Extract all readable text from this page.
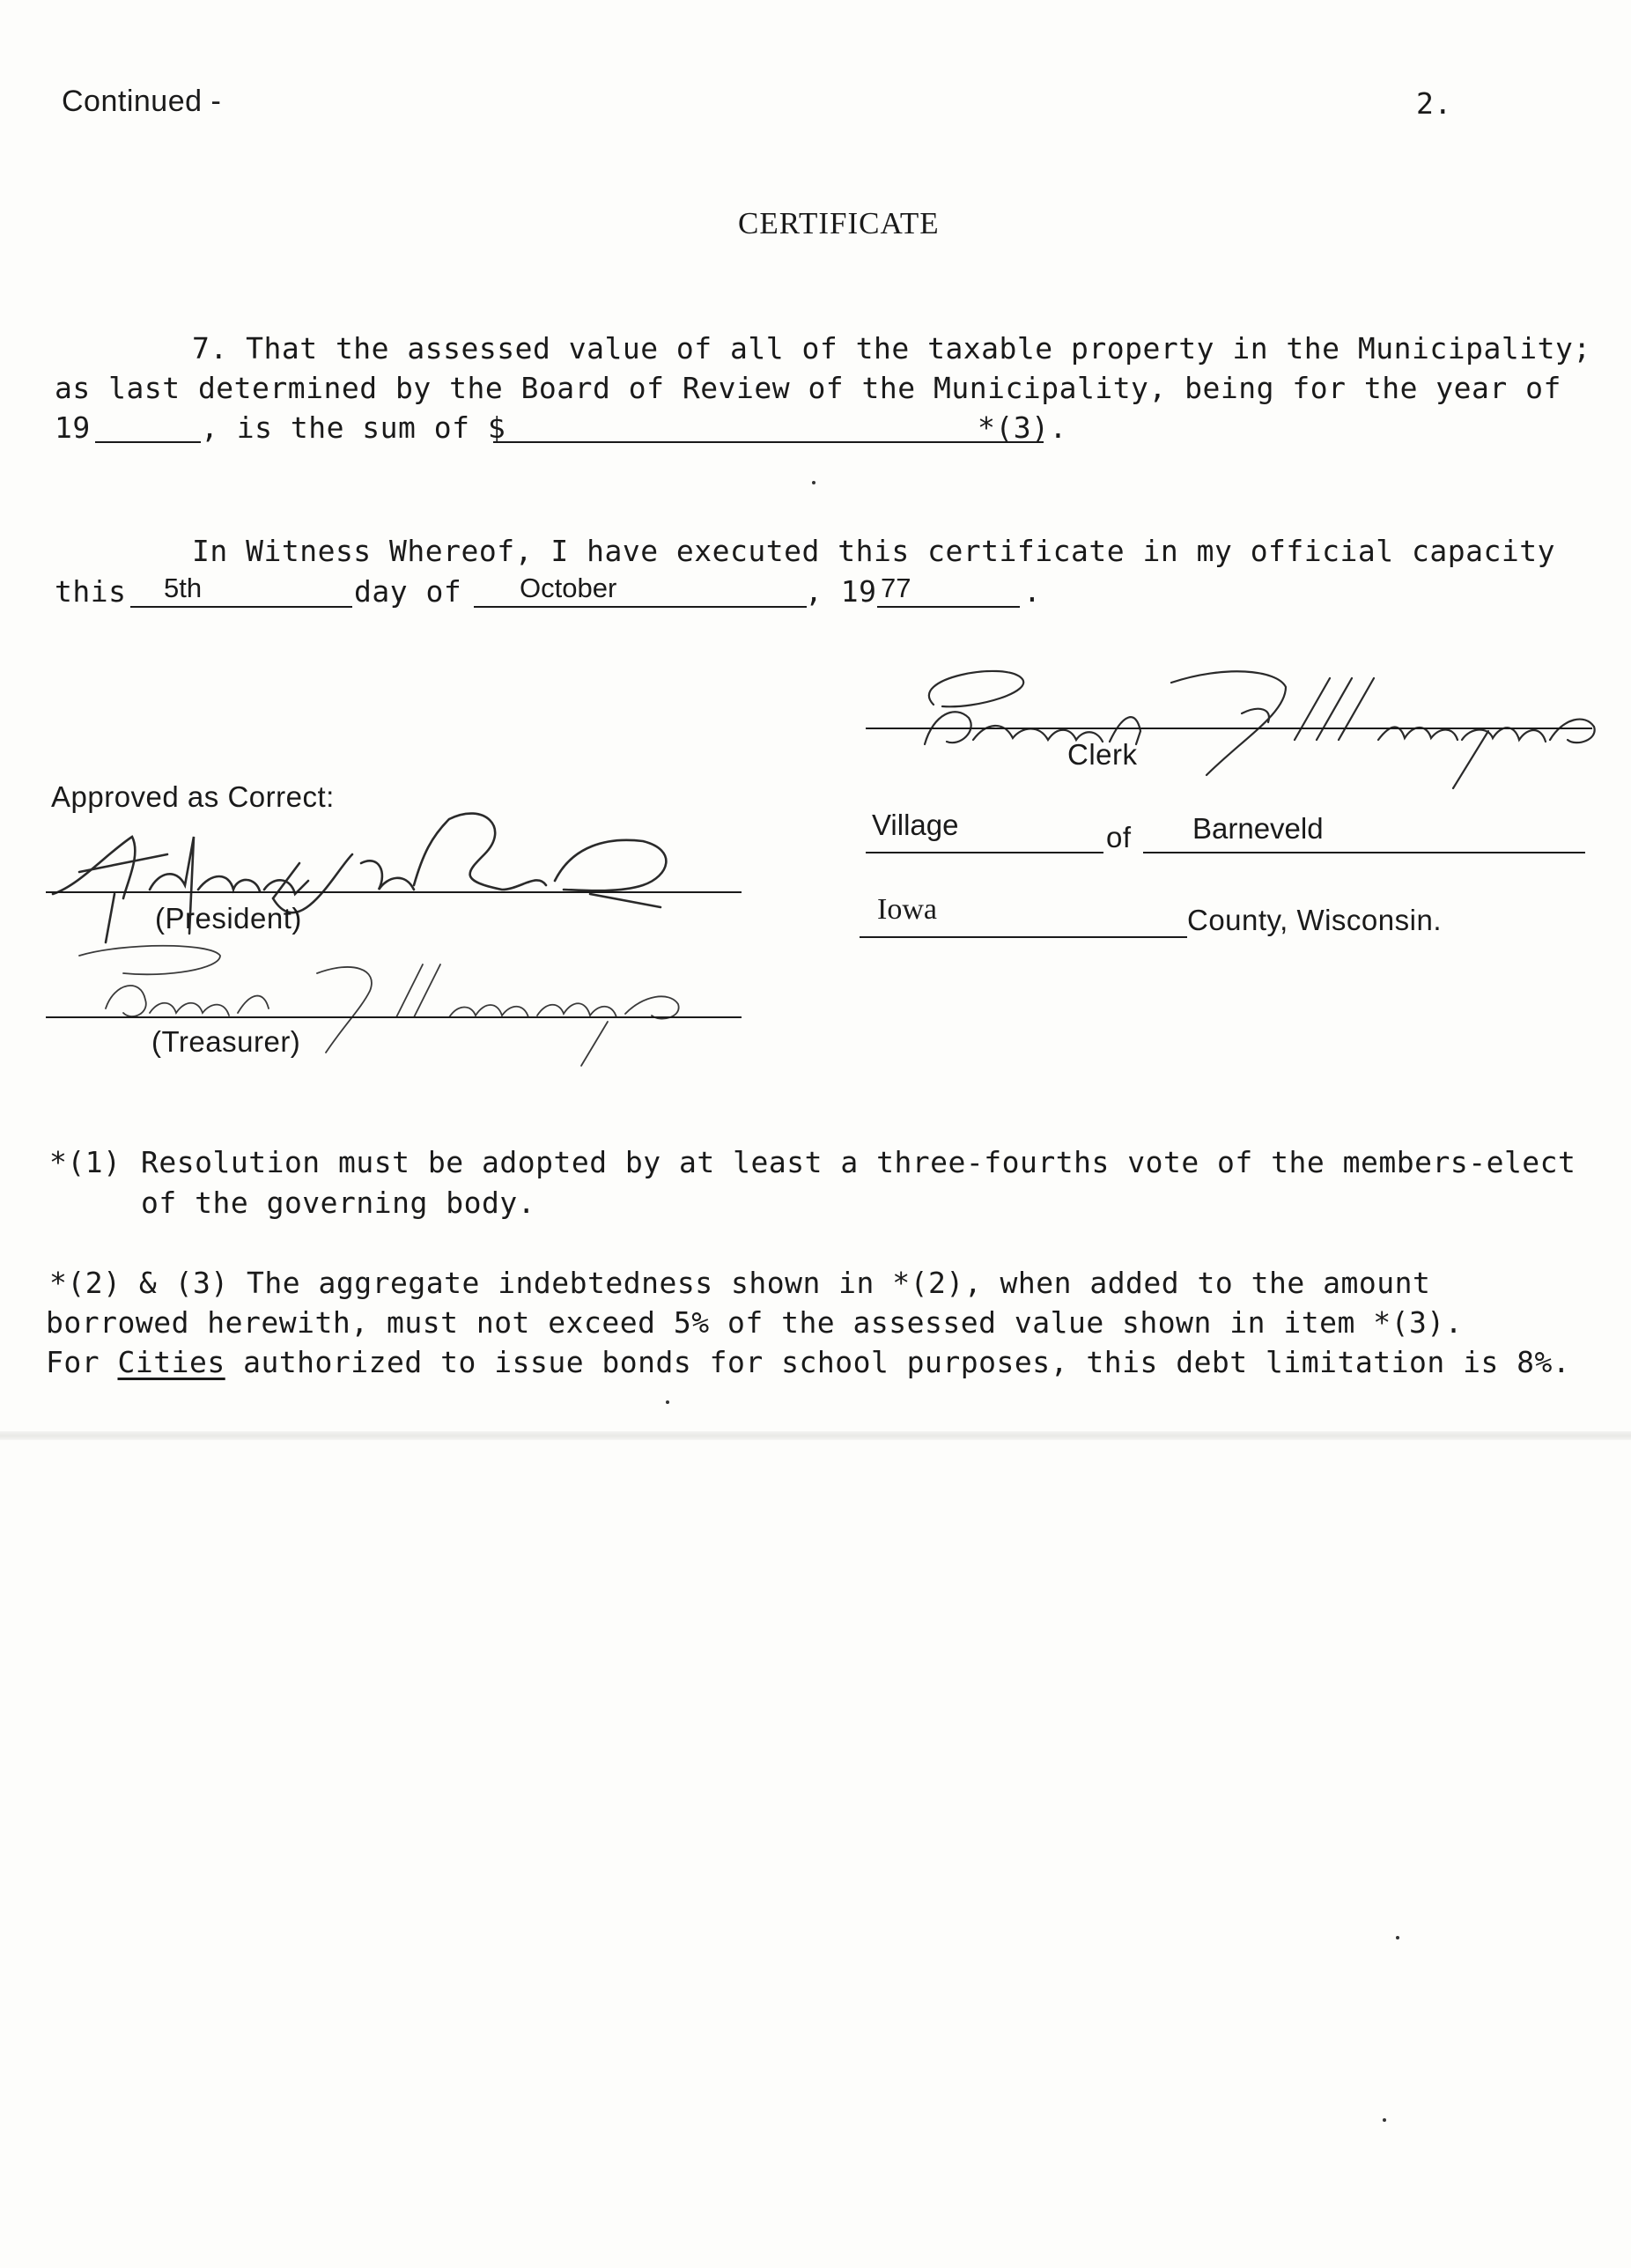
Continued -	2.
CERTIFICATE
7. That the assessed value of all of the taxable property in the Municipality;
as last determined by the Board of Review of the Municipality, being for the year of
19	, is the sum of $	*(3).
In Witness Whereof, I have executed this certificate in my official capacity
this 5th	day of October	, 19 77	.
Clerk
Village	of Barneveld
Iowa	County, Wisconsin.
Approved as Correct:
(President)
(Treasurer)
*(1) Resolution must be adopted by at least a three-fourths vote of the members-elect
of the governing body.
*(2) & (3) The aggregate indebtedness shown in *(2), when added to the amount
borrowed herewith, must not exceed 5% of the assessed value shown in item *(3).
For Cities authorized to issue bonds for school purposes, this debt limitation is 8%.
